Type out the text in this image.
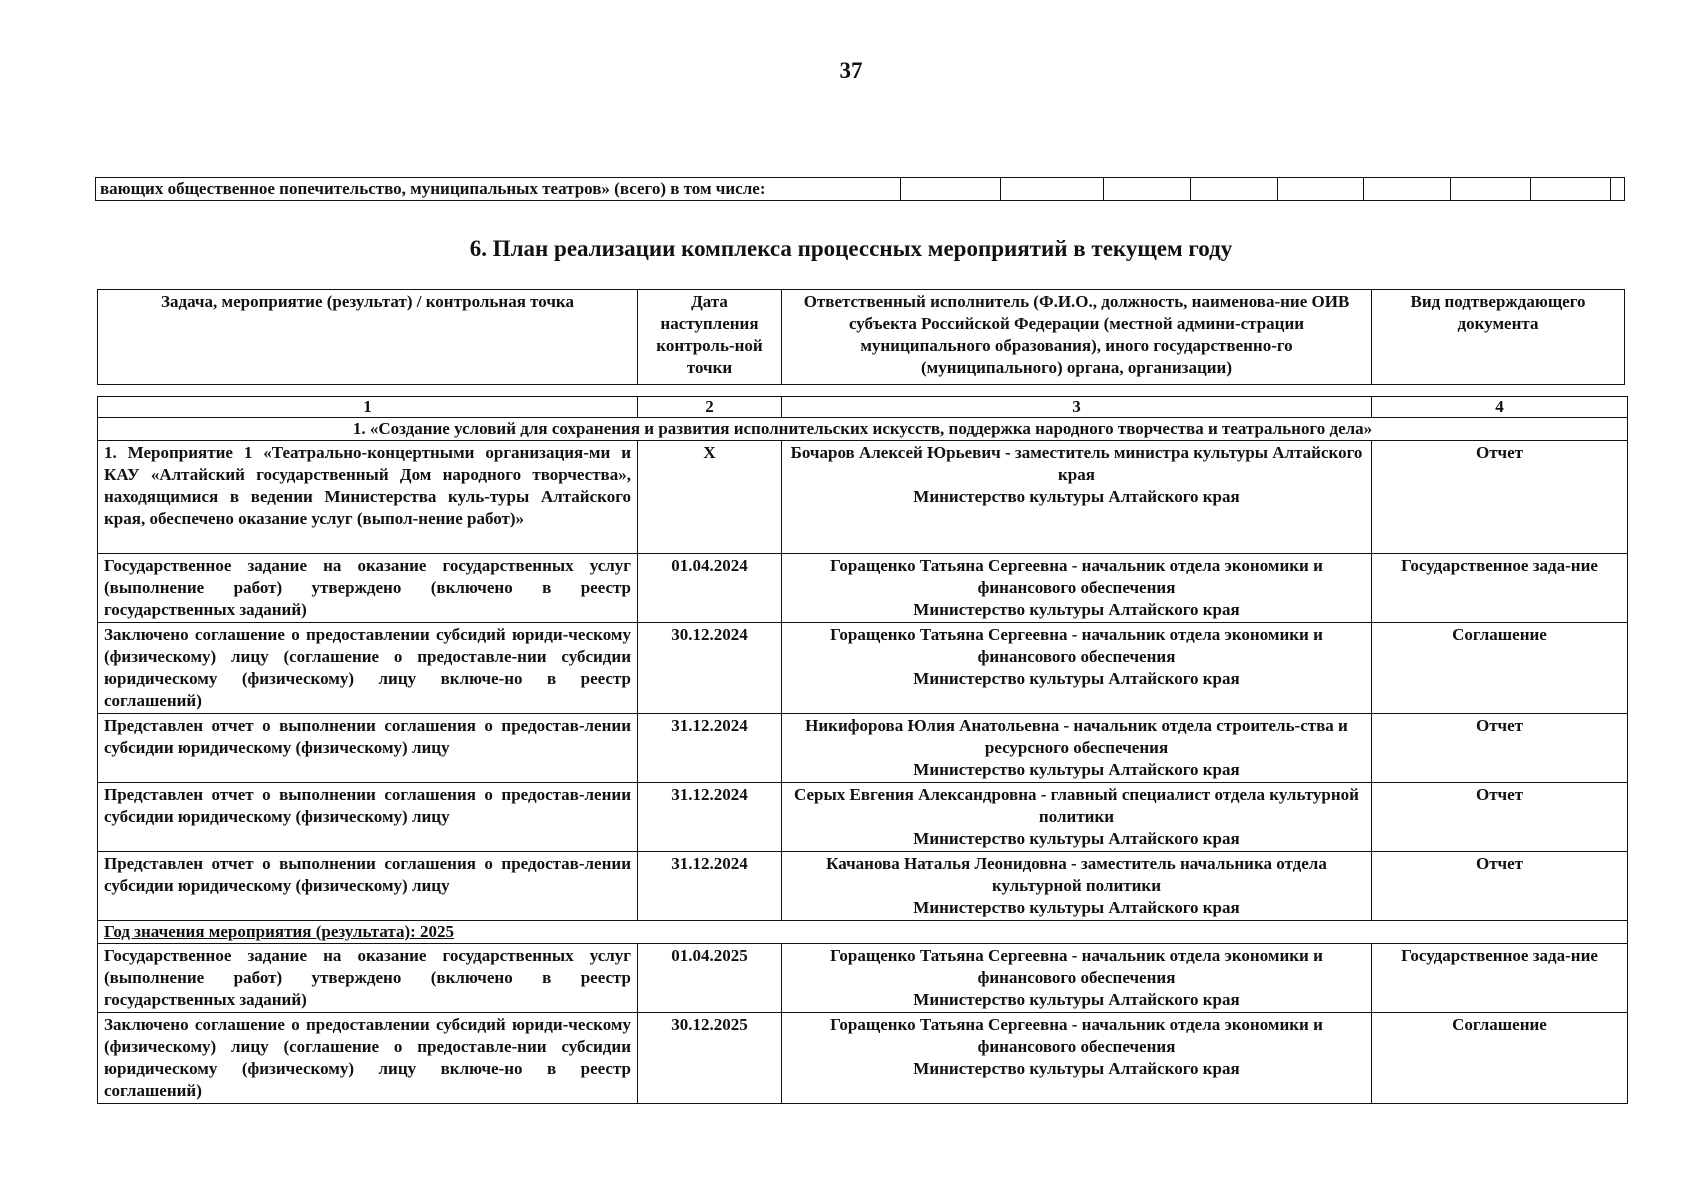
37
вающих общественное попечительство, муниципальных театров» (всего) в том числе:
6. План реализации комплекса процессных мероприятий в текущем году
Задача, мероприятие (результат) / контрольная точка	Дата наступления контроль-ной точки	Ответственный исполнитель (Ф.И.О., должность, наименова-ние ОИВ субъекта Российской Федерации (местной админи-страции муниципального образования), иного государственно-го (муниципального) органа, организации)	Вид подтверждающего документа
1	2	3	4
1. «Создание условий для сохранения и развития исполнительских искусств, поддержка народного творчества и театрального дела»			
1. Мероприятие 1 «Театрально-концертными организация-ми и КАУ «Алтайский государственный Дом народного творчества», находящимися в ведении Министерства куль-туры Алтайского края, обеспечено оказание услуг (выпол-нение работ)»	X	Бочаров Алексей Юрьевич - заместитель министра культуры Алтайского края
Министерство культуры Алтайского края	Отчет
Государственное задание на оказание государственных услуг (выполнение работ) утверждено (включено в реестр государственных заданий)	01.04.2024	Горащенко Татьяна Сергеевна - начальник отдела экономики и финансового обеспечения
Министерство культуры Алтайского края	Государственное зада-ние
Заключено соглашение о предоставлении субсидий юриди-ческому (физическому) лицу (соглашение о предоставле-нии субсидии юридическому (физическому) лицу включе-но в реестр соглашений)	30.12.2024	Горащенко Татьяна Сергеевна - начальник отдела экономики и финансового обеспечения
Министерство культуры Алтайского края	Соглашение
Представлен отчет о выполнении соглашения о предостав-лении субсидии юридическому (физическому) лицу	31.12.2024	Никифорова Юлия Анатольевна - начальник отдела строитель-ства и ресурсного обеспечения
Министерство культуры Алтайского края	Отчет
Представлен отчет о выполнении соглашения о предостав-лении субсидии юридическому (физическому) лицу	31.12.2024	Серых Евгения Александровна - главный специалист отдела культурной политики
Министерство культуры Алтайского края	Отчет
Представлен отчет о выполнении соглашения о предостав-лении субсидии юридическому (физическому) лицу	31.12.2024	Качанова Наталья Леонидовна - заместитель начальника отдела культурной политики
Министерство культуры Алтайского края	Отчет
Год значения мероприятия (результата): 2025			
Государственное задание на оказание государственных услуг (выполнение работ) утверждено (включено в реестр государственных заданий)	01.04.2025	Горащенко Татьяна Сергеевна - начальник отдела экономики и финансового обеспечения
Министерство культуры Алтайского края	Государственное зада-ние
Заключено соглашение о предоставлении субсидий юриди-ческому (физическому) лицу (соглашение о предоставле-нии субсидии юридическому (физическому) лицу включе-но в реестр соглашений)	30.12.2025	Горащенко Татьяна Сергеевна - начальник отдела экономики и финансового обеспечения
Министерство культуры Алтайского края	Соглашение
